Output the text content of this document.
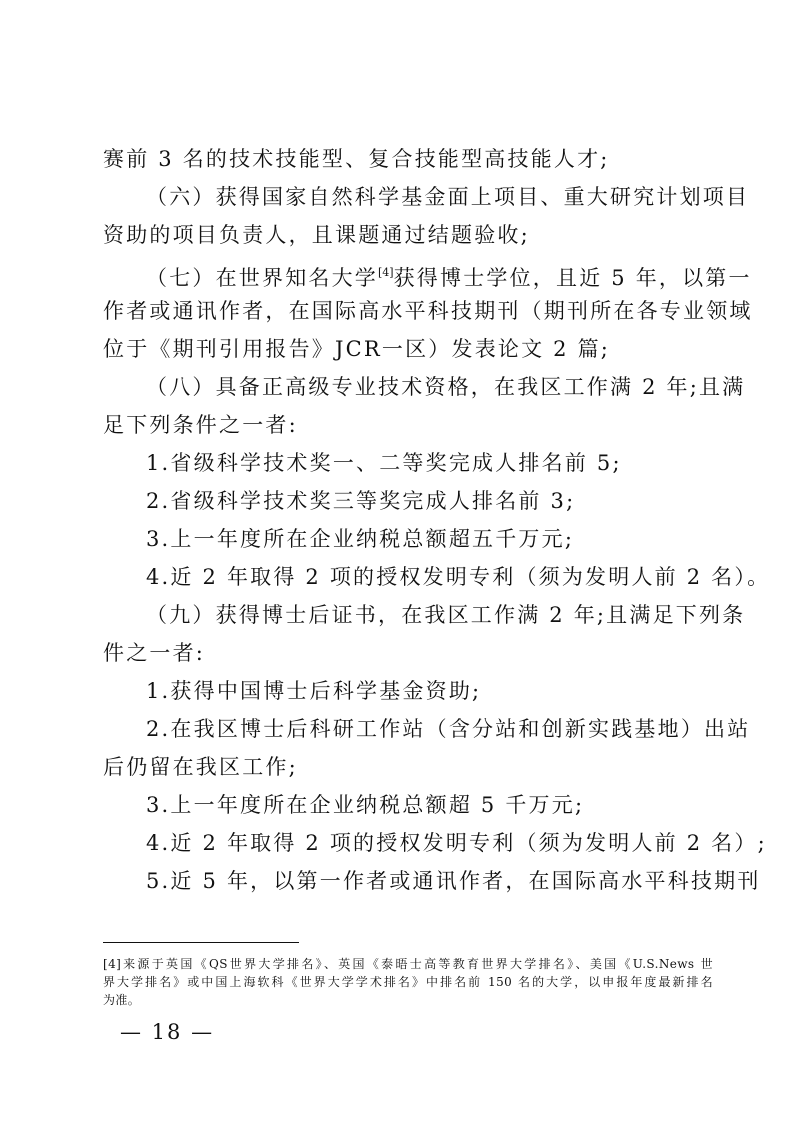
赛前 3 名的技术技能型、复合技能型高技能人才;
（六）获得国家自然科学基金面上项目、重大研究计划项目
资助的项目负责人，且课题通过结题验收;
（七）在世界知名大学[4]获得博士学位，且近 5 年，以第一
作者或通讯作者，在国际高水平科技期刊（期刊所在各专业领域
位于《期刊引用报告》JCR一区）发表论文 2 篇;
（八）具备正高级专业技术资格，在我区工作满 2 年;且满
足下列条件之一者:
1.省级科学技术奖一、二等奖完成人排名前 5;
2.省级科学技术奖三等奖完成人排名前 3;
3.上一年度所在企业纳税总额超五千万元;
4.近 2 年取得 2 项的授权发明专利（须为发明人前 2 名）。
（九）获得博士后证书，在我区工作满 2 年;且满足下列条
件之一者:
1.获得中国博士后科学基金资助;
2.在我区博士后科研工作站（含分站和创新实践基地）出站
后仍留在我区工作;
3.上一年度所在企业纳税总额超 5 千万元;
4.近 2 年取得 2 项的授权发明专利（须为发明人前 2 名）;
5.近 5 年，以第一作者或通讯作者，在国际高水平科技期刊
[4]来源于英国《QS世界大学排名》、英国《泰晤士高等教育世界大学排名》、美国《U.S.News 世
界大学排名》或中国上海软科《世界大学学术排名》中排名前 150 名的大学，以申报年度最新排名
为准。
— 18 —
